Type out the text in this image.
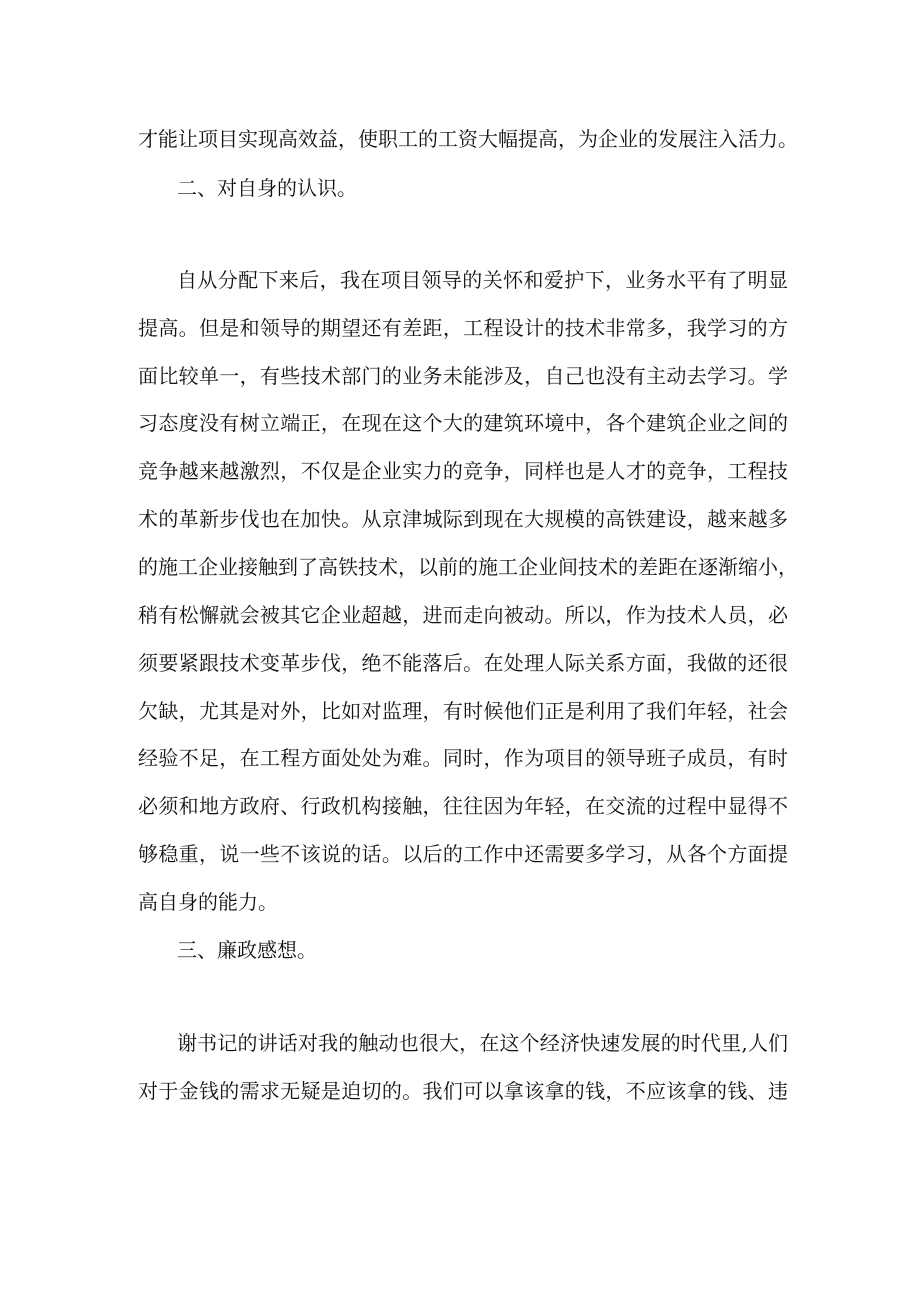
才能让项目实现高效益，使职工的工资大幅提高，为企业的发展注入活力。

二、对自身的认识。

自从分配下来后，我在项目领导的关怀和爱护下，业务水平有了明显

提高。但是和领导的期望还有差距，工程设计的技术非常多，我学习的方

面比较单一，有些技术部门的业务未能涉及，自己也没有主动去学习。学

习态度没有树立端正，在现在这个大的建筑环境中，各个建筑企业之间的

竞争越来越激烈，不仅是企业实力的竞争，同样也是人才的竞争，工程技

术的革新步伐也在加快。从京津城际到现在大规模的高铁建设，越来越多

的施工企业接触到了高铁技术，以前的施工企业间技术的差距在逐渐缩小，

稍有松懈就会被其它企业超越，进而走向被动。所以，作为技术人员，必

须要紧跟技术变革步伐，绝不能落后。在处理人际关系方面，我做的还很

欠缺，尤其是对外，比如对监理，有时候他们正是利用了我们年轻，社会

经验不足，在工程方面处处为难。同时，作为项目的领导班子成员，有时

必须和地方政府、行政机构接触，往往因为年轻，在交流的过程中显得不

够稳重，说一些不该说的话。以后的工作中还需要多学习，从各个方面提

高自身的能力。

三、廉政感想。

谢书记的讲话对我的触动也很大，在这个经济快速发展的时代里,人们

对于金钱的需求无疑是迫切的。我们可以拿该拿的钱，不应该拿的钱、违
